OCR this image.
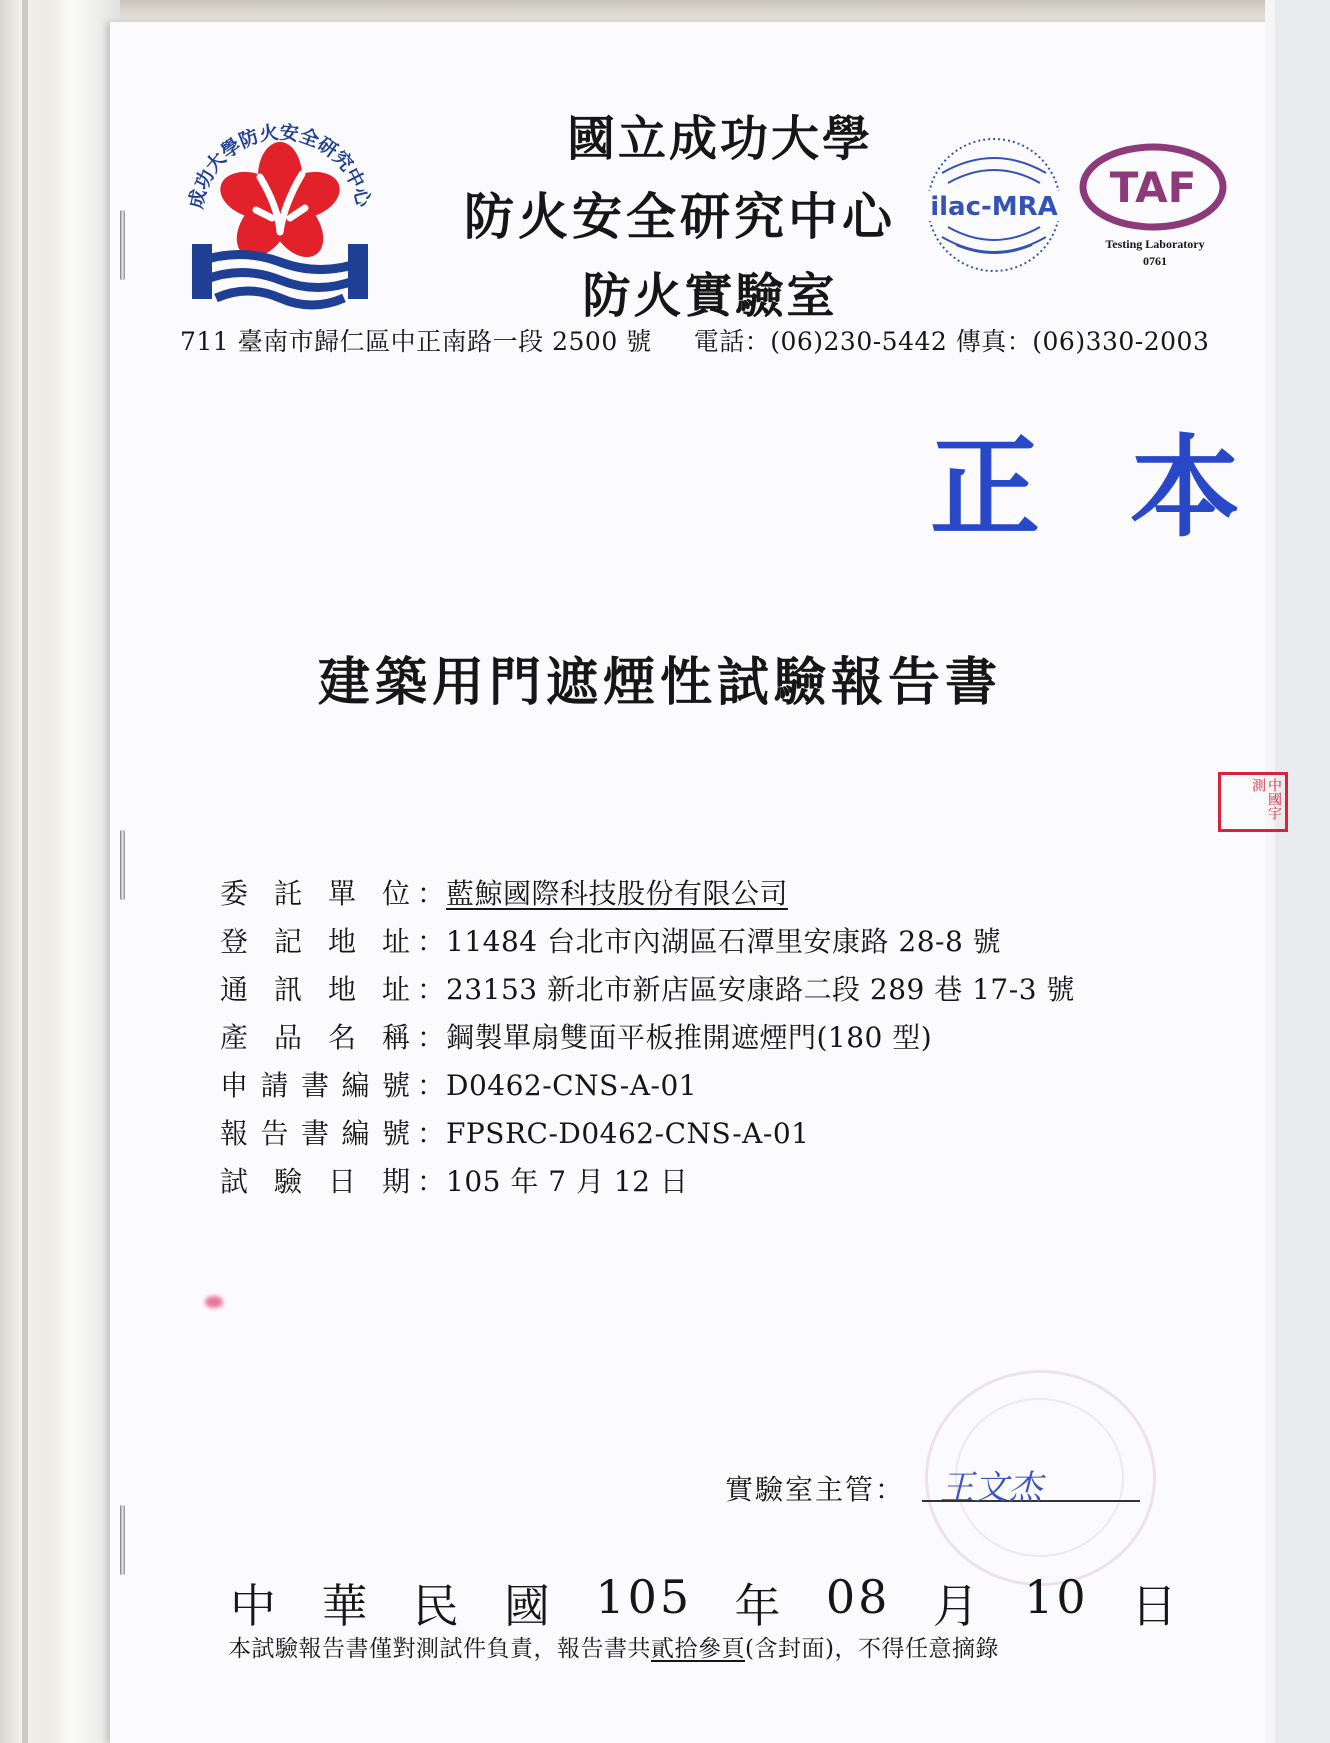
成功大學防火安全研究中心
國立成功大學
防火安全研究中心
防火實驗室
ilac-MRA TAF
Testing Laboratory
0761
711 臺南市歸仁區中正南路一段 2500 號 電話：(06)230-5442 傳真：(06)330-2003
正本
建築用門遮煙性試驗報告書
中國宇測
委 託 單 位 ： 藍鯨國際科技股份有限公司
登 記 地 址 ： 11484 台北市內湖區石潭里安康路 28-8 號
通 訊 地 址 ： 23153 新北市新店區安康路二段 289 巷 17-3 號
產 品 名 稱 ： 鋼製單扇雙面平板推開遮煙門(180 型)
申 請 書 編 號 ： D0462-CNS-A-01
報 告 書 編 號 ： FPSRC-D0462-CNS-A-01
試 驗 日 期 ： 105 年 7 月 12 日
實驗室主管： 王文杰
中 華 民 國 105 年 08 月 10 日
本試驗報告書僅對測試件負責，報告書共貳拾參頁(含封面)，不得任意摘錄
